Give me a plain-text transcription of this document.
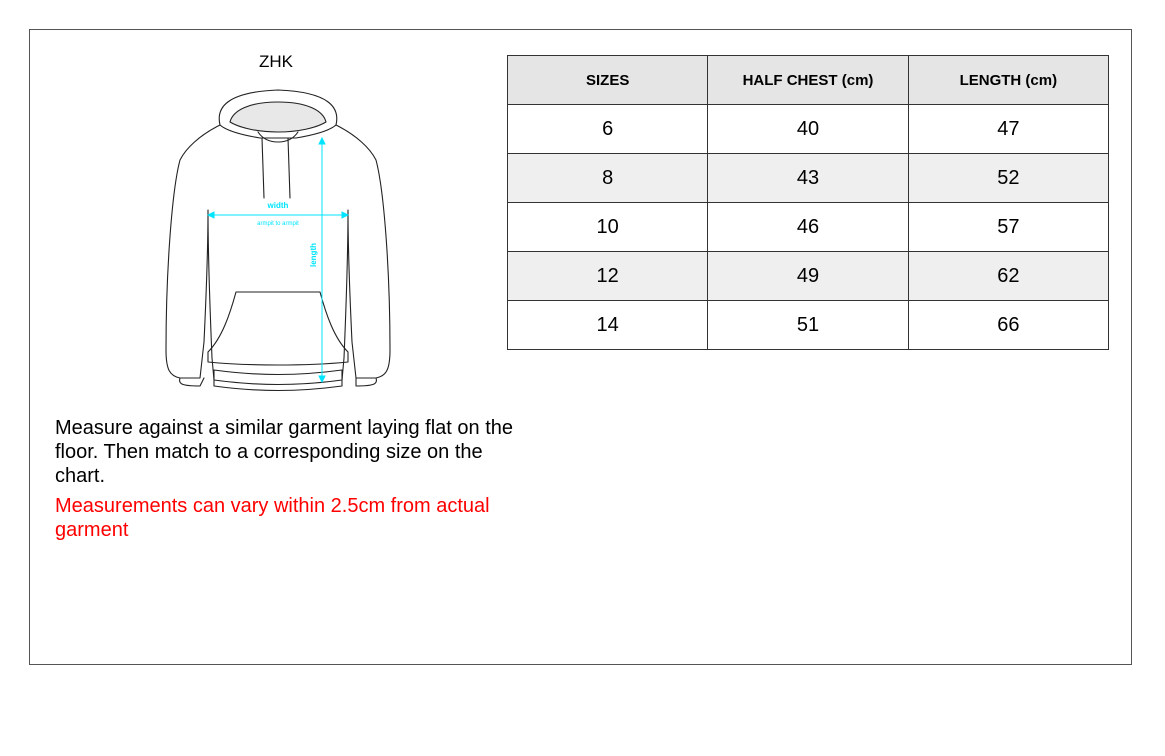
ZHK
width
armpit to armpit
length

Measure against a similar garment laying flat on the floor. Then match to a corresponding size on the chart.

Measurements can vary within 2.5cm from actual garment

SIZES	HALF CHEST (cm)	LENGTH (cm)
6	40	47
8	43	52
10	46	57
12	49	62
14	51	66
